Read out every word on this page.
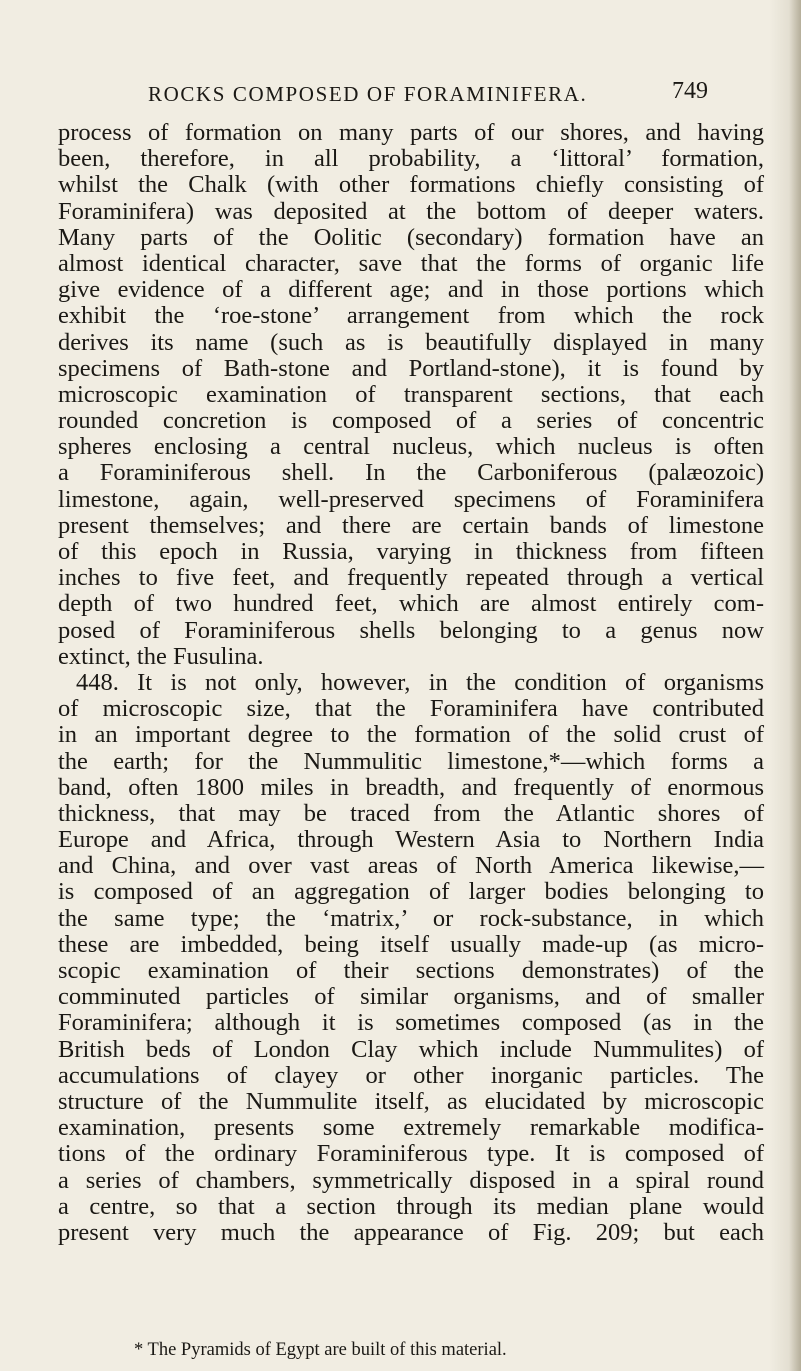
ROCKS COMPOSED OF FORAMINIFERA.	749
process of formation on many parts of our shores, and having
been, therefore, in all probability, a ‘littoral’ formation,
whilst the Chalk (with other formations chiefly consisting of
Foraminifera) was deposited at the bottom of deeper waters.
Many parts of the Oolitic (secondary) formation have an
almost identical character, save that the forms of organic life
give evidence of a different age; and in those portions which
exhibit the ‘roe-stone’ arrangement from which the rock
derives its name (such as is beautifully displayed in many
specimens of Bath-stone and Portland-stone), it is found by
microscopic examination of transparent sections, that each
rounded concretion is composed of a series of concentric
spheres enclosing a central nucleus, which nucleus is often
a Foraminiferous shell. In the Carboniferous (palæozoic)
limestone, again, well-preserved specimens of Foraminifera
present themselves; and there are certain bands of limestone
of this epoch in Russia, varying in thickness from fifteen
inches to five feet, and frequently repeated through a vertical
depth of two hundred feet, which are almost entirely com-
posed of Foraminiferous shells belonging to a genus now
extinct, the Fusulina.
448. It is not only, however, in the condition of organisms
of microscopic size, that the Foraminifera have contributed
in an important degree to the formation of the solid crust of
the earth; for the Nummulitic limestone,*—which forms a
band, often 1800 miles in breadth, and frequently of enormous
thickness, that may be traced from the Atlantic shores of
Europe and Africa, through Western Asia to Northern India
and China, and over vast areas of North America likewise,—
is composed of an aggregation of larger bodies belonging to
the same type; the ‘matrix,’ or rock-substance, in which
these are imbedded, being itself usually made-up (as micro-
scopic examination of their sections demonstrates) of the
comminuted particles of similar organisms, and of smaller
Foraminifera; although it is sometimes composed (as in the
British beds of London Clay which include Nummulites) of
accumulations of clayey or other inorganic particles. The
structure of the Nummulite itself, as elucidated by microscopic
examination, presents some extremely remarkable modifica-
tions of the ordinary Foraminiferous type. It is composed of
a series of chambers, symmetrically disposed in a spiral round
a centre, so that a section through its median plane would
present very much the appearance of Fig. 209; but each
* The Pyramids of Egypt are built of this material.
